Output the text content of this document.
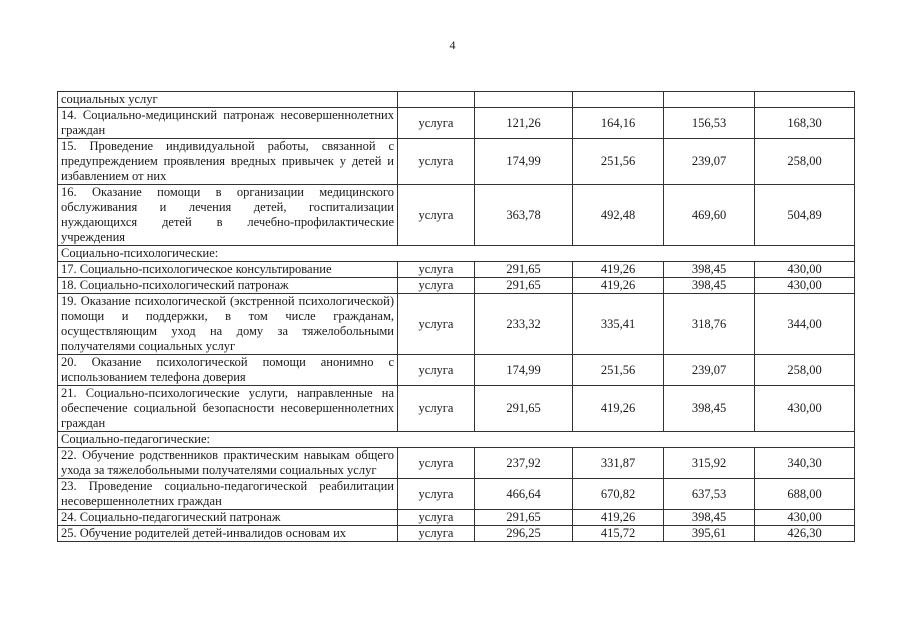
4
социальных услуг					
14. Социально-медицинский патронаж несовершеннолетних граждан	услуга	121,26	164,16	156,53	168,30
15. Проведение индивидуальной работы, связанной с предупреждением проявления вредных привычек у детей и избавлением от них	услуга	174,99	251,56	239,07	258,00
16. Оказание помощи в организации медицинского обслуживания и лечения детей, госпитализации нуждающихся детей в лечебно-профилактические учреждения	услуга	363,78	492,48	469,60	504,89
Социально-психологические:					
17. Социально-психологическое консультирование	услуга	291,65	419,26	398,45	430,00
18. Социально-психологический патронаж	услуга	291,65	419,26	398,45	430,00
19. Оказание психологической (экстренной психологической) помощи и поддержки, в том числе гражданам, осуществляющим уход на дому за тяжелобольными получателями социальных услуг	услуга	233,32	335,41	318,76	344,00
20. Оказание психологической помощи анонимно с использованием телефона доверия	услуга	174,99	251,56	239,07	258,00
21. Социально-психологические услуги, направленные на обеспечение социальной безопасности несовершеннолетних граждан	услуга	291,65	419,26	398,45	430,00
Социально-педагогические:					
22. Обучение родственников практическим навыкам общего ухода за тяжелобольными получателями социальных услуг	услуга	237,92	331,87	315,92	340,30
23. Проведение социально-педагогической реабилитации несовершеннолетних граждан	услуга	466,64	670,82	637,53	688,00
24. Социально-педагогический патронаж	услуга	291,65	419,26	398,45	430,00
25. Обучение родителей детей-инвалидов основам их	услуга	296,25	415,72	395,61	426,30
